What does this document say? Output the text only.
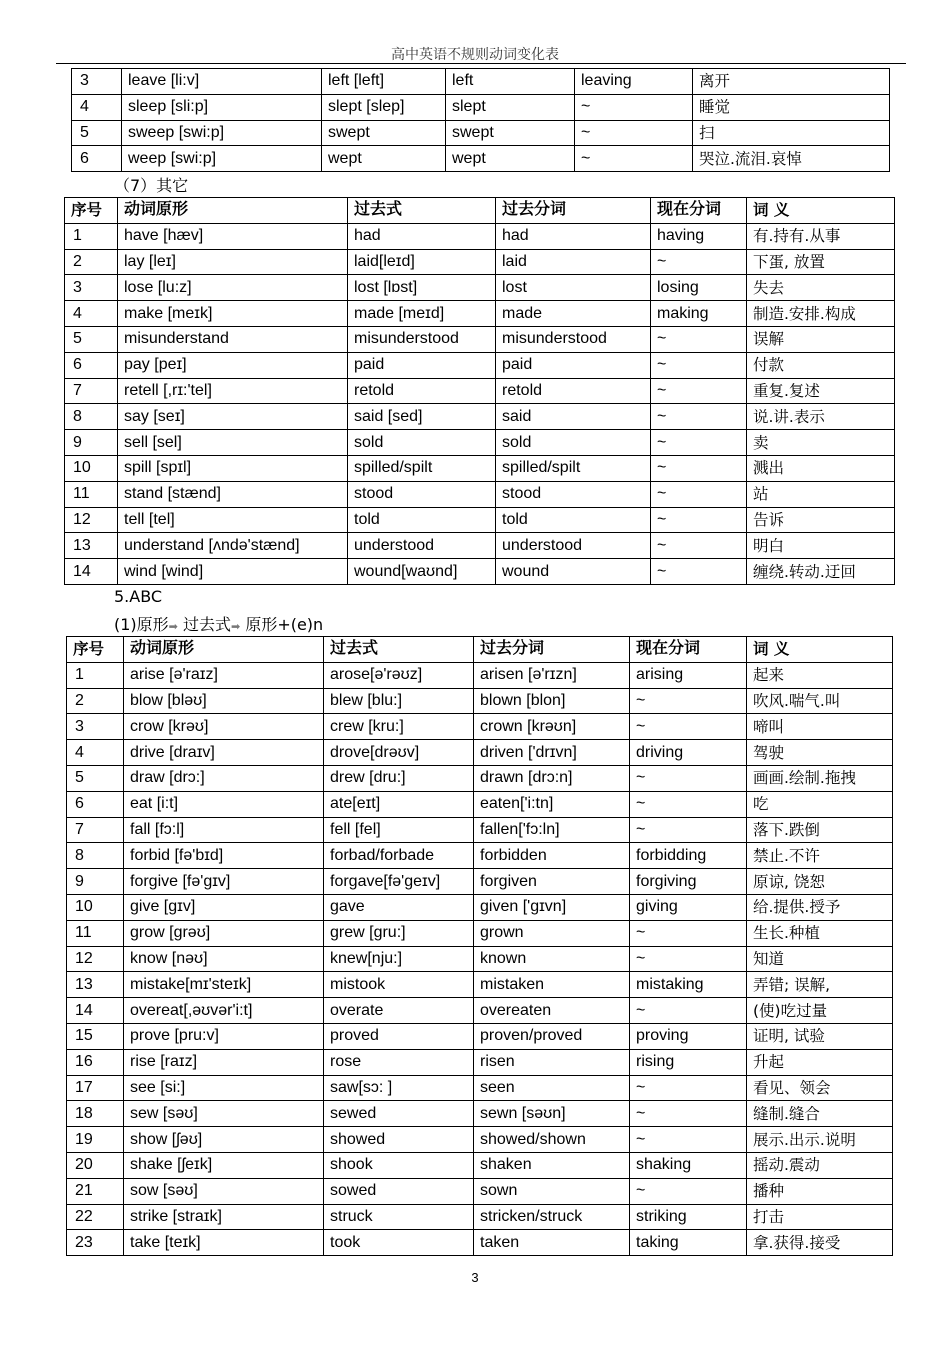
高中英语不规则动词变化表
3	leave [li:v]	left [left]	left	leaving	离开
4	sleep [sli:p]	slept [slep]	slept	~	睡觉
5	sweep [swi:p]	swept	swept	~	扫
6	weep [swi:p]	wept	wept	~	哭泣.流泪.哀悼
（7）其它
序号	动词原形	过去式	过去分词	现在分词	词 义
1	have [hæv]	had	had	having	有.持有.从事
2	lay [leɪ]	laid[leɪd]	laid	~	下蛋, 放置
3	lose [lu:z]	lost [lɒst]	lost	losing	失去
4	make [meɪk]	made [meɪd]	made	making	制造.安排.构成
5	misunderstand	misunderstood	misunderstood	~	误解
6	pay [peɪ]	paid	paid	~	付款
7	retell [,rɪ:'tel]	retold	retold	~	重复.复述
8	say [seɪ]	said [sed]	said	~	说.讲.表示
9	sell [sel]	sold	sold	~	卖
10	spill [spɪl]	spilled/spilt	spilled/spilt	~	溅出
11	stand [stænd]	stood	stood	~	站
12	tell [tel]	told	told	~	告诉
13	understand [ʌndə'stænd]	understood	understood	~	明白
14	wind [wind]	wound[waʊnd]	wound	~	缠绕.转动.迂回
5.ABC
(1)原形➡ 过去式➡ 原形+(e)n
序号	动词原形	过去式	过去分词	现在分词	词 义
1	arise [ə'raɪz]	arose[ə'rəʊz]	arisen [ə'rɪzn]	arising	起来
2	blow [bləʊ]	blew [blu:]	blown [blon]	~	吹风.喘气.叫
3	crow [krəʊ]	crew [kru:]	crown [krəʊn]	~	啼叫
4	drive [draɪv]	drove[drəʊv]	driven ['drɪvn]	driving	驾驶
5	draw [drɔ:]	drew [dru:]	drawn [drɔ:n]	~	画画.绘制.拖拽
6	eat [i:t]	ate[eɪt]	eaten['i:tn]	~	吃
7	fall [fɔ:l]	fell [fel]	fallen['fɔ:ln]	~	落下.跌倒
8	forbid [fə'bɪd]	forbad/forbade	forbidden	forbidding	禁止.不许
9	forgive [fə'gɪv]	forgave[fə'geɪv]	forgiven	forgiving	原谅, 饶恕
10	give [gɪv]	gave	given ['gɪvn]	giving	给.提供.授予
11	grow [grəʊ]	grew [gru:]	grown	~	生长.种植
12	know [nəʊ]	knew[nju:]	known	~	知道
13	mistake[mɪ'steɪk]	mistook	mistaken	mistaking	弄错; 误解,
14	overeat[,əʊvər'i:t]	overate	overeaten	~	(使)吃过量
15	prove [pru:v]	proved	proven/proved	proving	证明, 试验
16	rise [raɪz]	rose	risen	rising	升起
17	see [si:]	saw[sɔ: ]	seen	~	看见、领会
18	sew [səʊ]	sewed	sewn [səʊn]	~	缝制.缝合
19	show [ʃəʊ]	showed	showed/shown	~	展示.出示.说明
20	shake [ʃeɪk]	shook	shaken	shaking	摇动.震动
21	sow [səʊ]	sowed	sown	~	播种
22	strike [straɪk]	struck	stricken/struck	striking	打击
23	take [teɪk]	took	taken	taking	拿.获得.接受
3
